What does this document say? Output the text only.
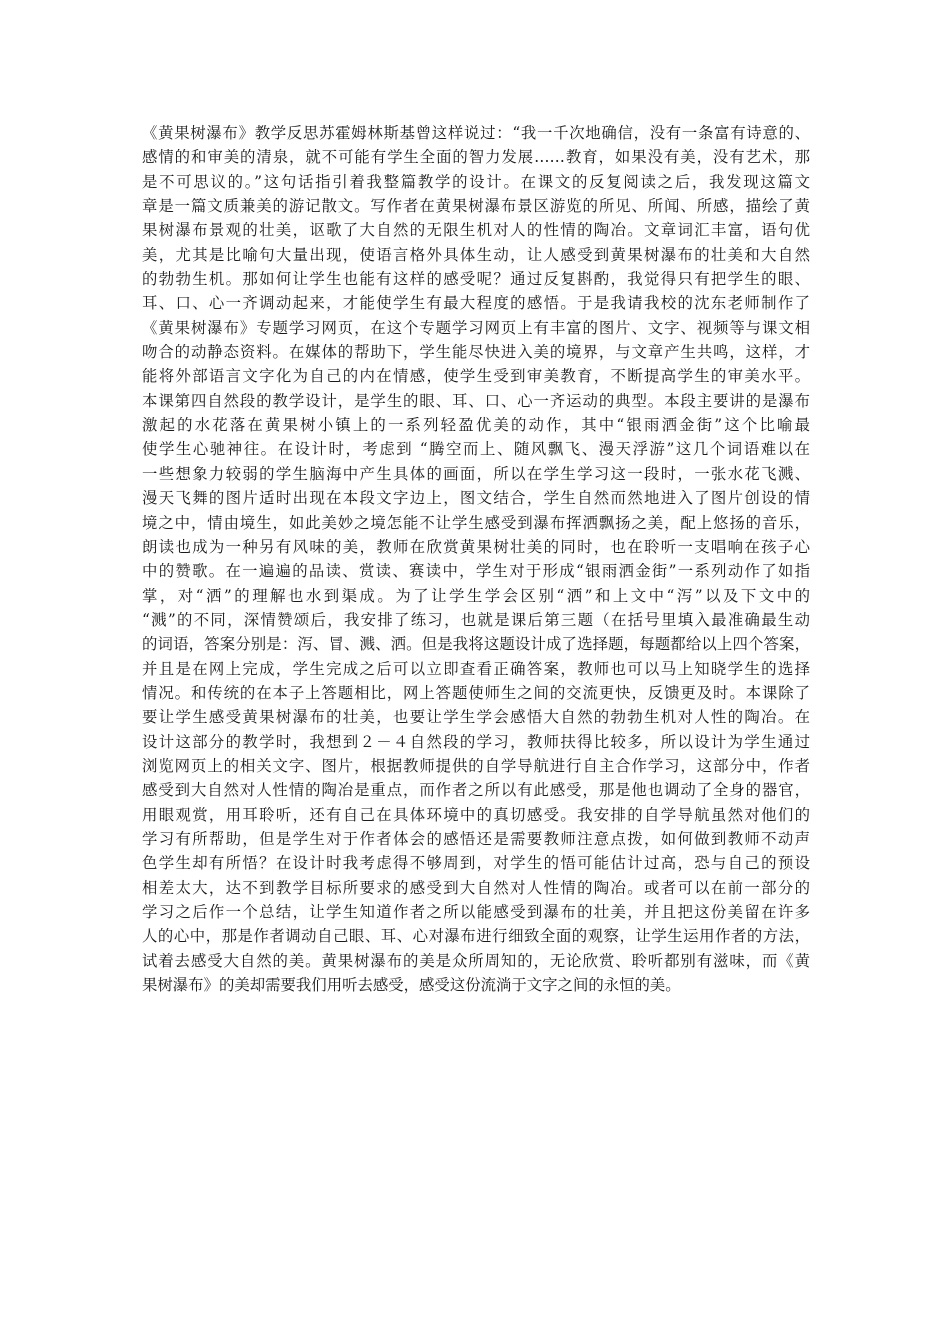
《黄果树瀑布》教学反思苏霍姆林斯基曾这样说过：“我一千次地确信，没有一条富有诗意的、
感情的和审美的清泉，就不可能有学生全面的智力发展……教育，如果没有美，没有艺术，那
是不可思议的。”这句话指引着我整篇教学的设计。在课文的反复阅读之后，我发现这篇文
章是一篇文质兼美的游记散文。写作者在黄果树瀑布景区游览的所见、所闻、所感，描绘了黄
果树瀑布景观的壮美，讴歌了大自然的无限生机对人的性情的陶冶。文章词汇丰富，语句优
美，尤其是比喻句大量出现，使语言格外具体生动，让人感受到黄果树瀑布的壮美和大自然
的勃勃生机。那如何让学生也能有这样的感受呢？通过反复斟酌，我觉得只有把学生的眼、
耳、口、心一齐调动起来，才能使学生有最大程度的感悟。于是我请我校的沈东老师制作了
《黄果树瀑布》专题学习网页，在这个专题学习网页上有丰富的图片、文字、视频等与课文相
吻合的动静态资料。在媒体的帮助下，学生能尽快进入美的境界，与文章产生共鸣，这样，才
能将外部语言文字化为自己的内在情感，使学生受到审美教育，不断提高学生的审美水平。
本课第四自然段的教学设计，是学生的眼、耳、口、心一齐运动的典型。本段主要讲的是瀑布
激起的水花落在黄果树小镇上的一系列轻盈优美的动作，其中“银雨洒金街”这个比喻最
使学生心驰神往。在设计时，考虑到 “腾空而上、随风飘飞、漫天浮游”这几个词语难以在
一些想象力较弱的学生脑海中产生具体的画面，所以在学生学习这一段时，一张水花飞溅、
漫天飞舞的图片适时出现在本段文字边上，图文结合，学生自然而然地进入了图片创设的情
境之中，情由境生，如此美妙之境怎能不让学生感受到瀑布挥洒飘扬之美，配上悠扬的音乐，
朗读也成为一种另有风味的美，教师在欣赏黄果树壮美的同时，也在聆听一支唱响在孩子心
中的赞歌。在一遍遍的品读、赏读、赛读中，学生对于形成“银雨洒金街”一系列动作了如指
掌，对“洒”的理解也水到渠成。为了让学生学会区别“洒”和上文中“泻”以及下文中的
“溅”的不同，深情赞颂后，我安排了练习，也就是课后第三题（在括号里填入最准确最生动
的词语，答案分别是：泻、冒、溅、洒。但是我将这题设计成了选择题，每题都给以上四个答案，
并且是在网上完成，学生完成之后可以立即查看正确答案，教师也可以马上知晓学生的选择
情况。和传统的在本子上答题相比，网上答题使师生之间的交流更快，反馈更及时。本课除了
要让学生感受黄果树瀑布的壮美，也要让学生学会感悟大自然的勃勃生机对人性的陶冶。在
设计这部分的教学时，我想到２－４自然段的学习，教师扶得比较多，所以设计为学生通过
浏览网页上的相关文字、图片，根据教师提供的自学导航进行自主合作学习，这部分中，作者
感受到大自然对人性情的陶冶是重点，而作者之所以有此感受，那是他也调动了全身的器官，
用眼观赏，用耳聆听，还有自己在具体环境中的真切感受。我安排的自学导航虽然对他们的
学习有所帮助，但是学生对于作者体会的感悟还是需要教师注意点拨，如何做到教师不动声
色学生却有所悟？在设计时我考虑得不够周到，对学生的悟可能估计过高，恐与自己的预设
相差太大，达不到教学目标所要求的感受到大自然对人性情的陶冶。或者可以在前一部分的
学习之后作一个总结，让学生知道作者之所以能感受到瀑布的壮美，并且把这份美留在许多
人的心中，那是作者调动自己眼、耳、心对瀑布进行细致全面的观察，让学生运用作者的方法，
试着去感受大自然的美。黄果树瀑布的美是众所周知的，无论欣赏、聆听都别有滋味，而《黄
果树瀑布》的美却需要我们用听去感受，感受这份流淌于文字之间的永恒的美。
